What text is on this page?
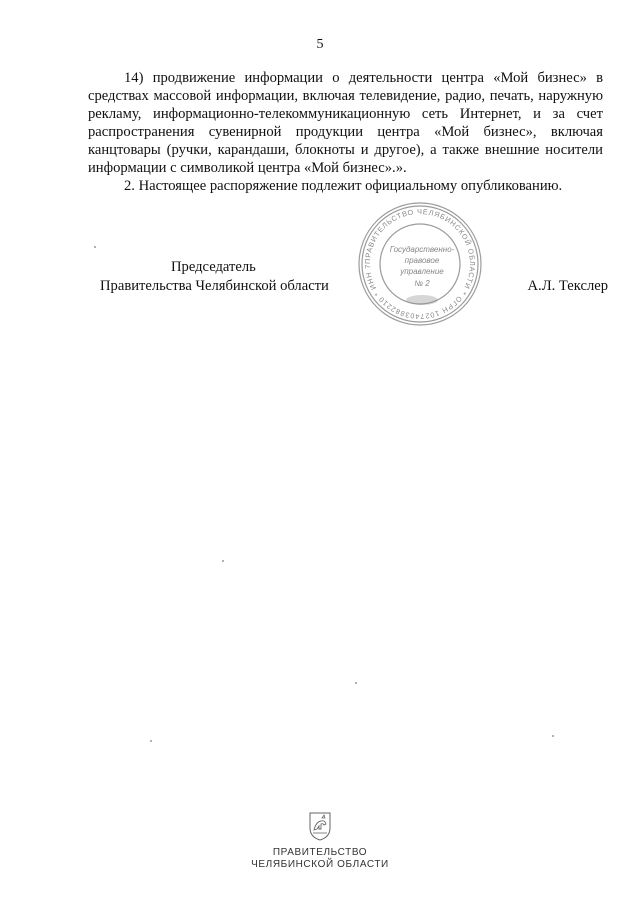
5

14) продвижение информации о деятельности центра «Мой бизнес» в средствах массовой информации, включая телевидение, радио, печать, наружную рекламу, информационно-телекоммуникационную сеть Интернет, и за счет распространения сувенирной продукции центра «Мой бизнес», включая канцтовары (ручки, карандаши, блокноты и другое), а также внешние носители информации с символикой центра «Мой бизнес».».

2. Настоящее распоряжение подлежит официальному опубликованию.

ПРАВИТЕЛЬСТВО ЧЕЛЯБИНСКОЙ ОБЛАСТИ * ОГРН 1027403882210 * ИНН 7
Государственно-
правовое
управление
№ 2
Председатель
Правительства Челябинской области	А.Л. Текслер
ПРАВИТЕЛЬСТВО
ЧЕЛЯБИНСКОЙ ОБЛАСТИ
